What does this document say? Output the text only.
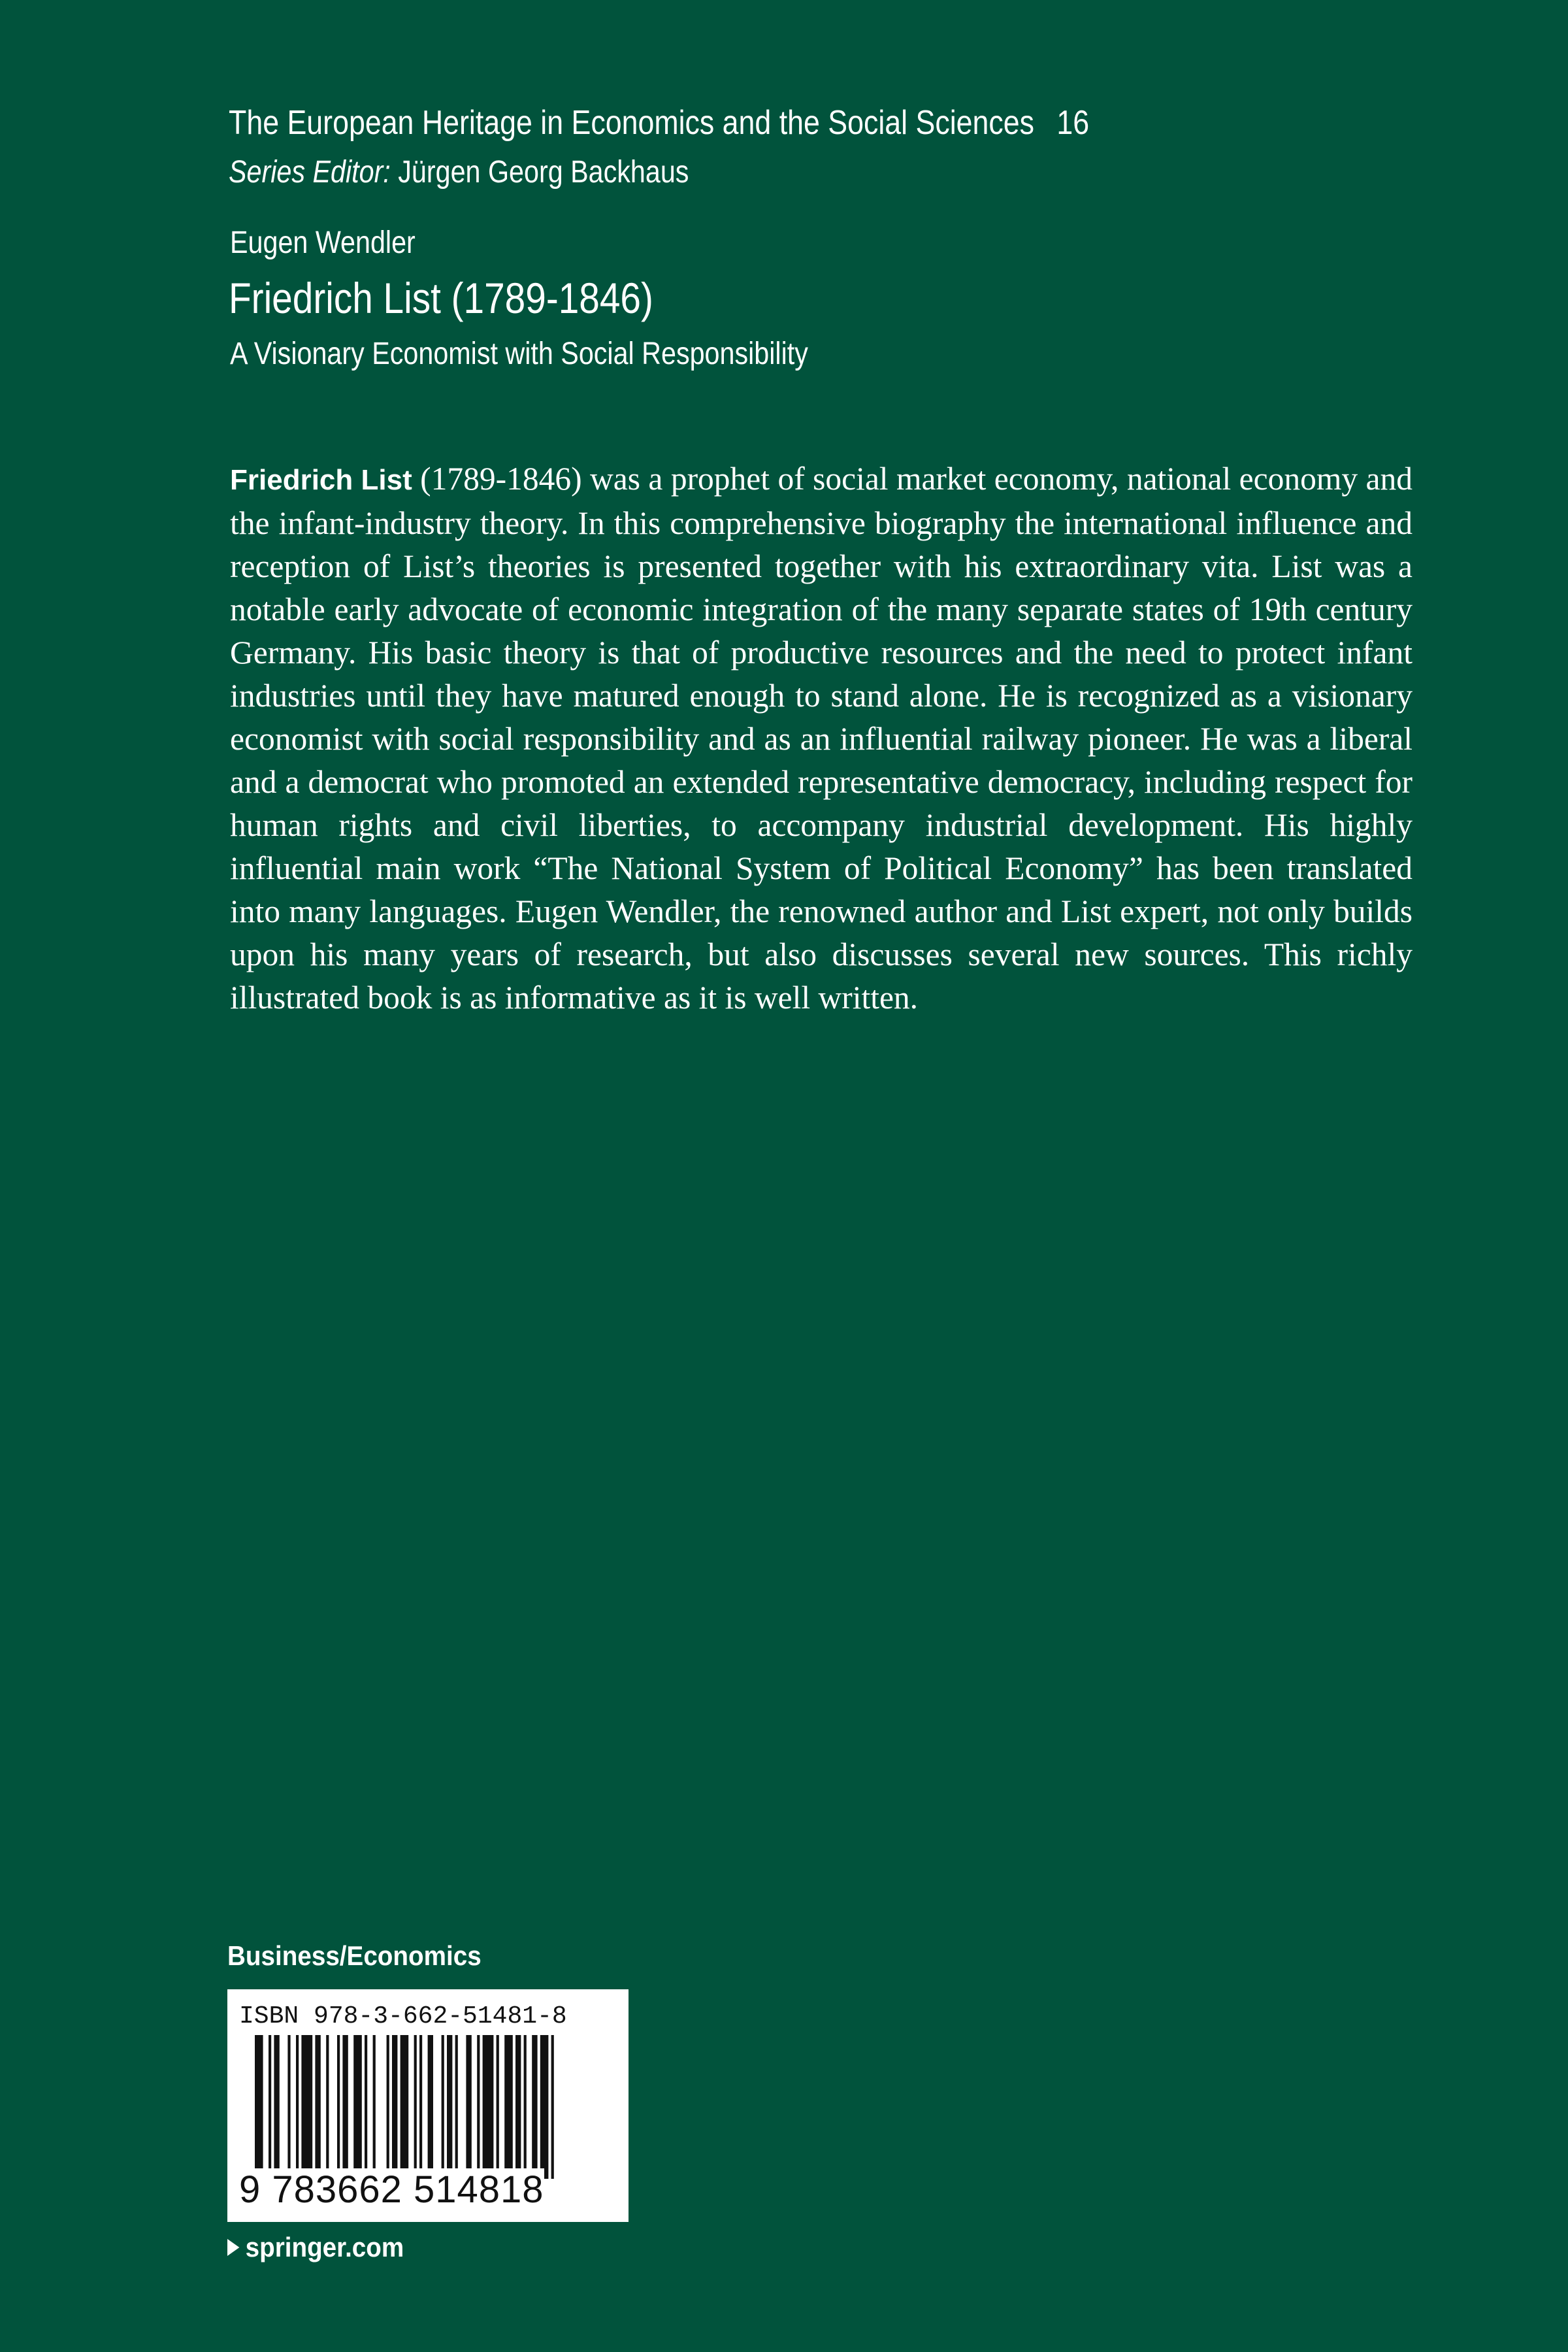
The European Heritage in Economics and the Social Sciences 16
Series Editor: Jürgen Georg Backhaus
Eugen Wendler
Friedrich List (1789-1846)
A Visionary Economist with Social Responsibility
Friedrich List (1789-1846) was a prophet of social market economy, national economy and the infant-industry theory. In this comprehensive biography the international influence and reception of List’s theories is presented together with his extraordinary vita. List was a notable early advocate of economic integration of the many separate states of 19th century Germany. His basic theory is that of productive resources and the need to protect infant industries until they have matured enough to stand alone. He is recognized as a visionary economist with social responsibility and as an influential railway pioneer. He was a liberal and a democrat who promoted an extended representative democracy, including respect for human rights and civil liberties, to accompany industrial development. His highly influential main work “The National System of Political Economy” has been translated into many languages. Eugen Wendler, the renowned author and List expert, not only builds upon his many years of research, but also discusses several new sources. This richly illustrated book is as informative as it is well written.
Business/Economics
ISBN 978-3-662-51481-8
9 783662 514818
springer.com
